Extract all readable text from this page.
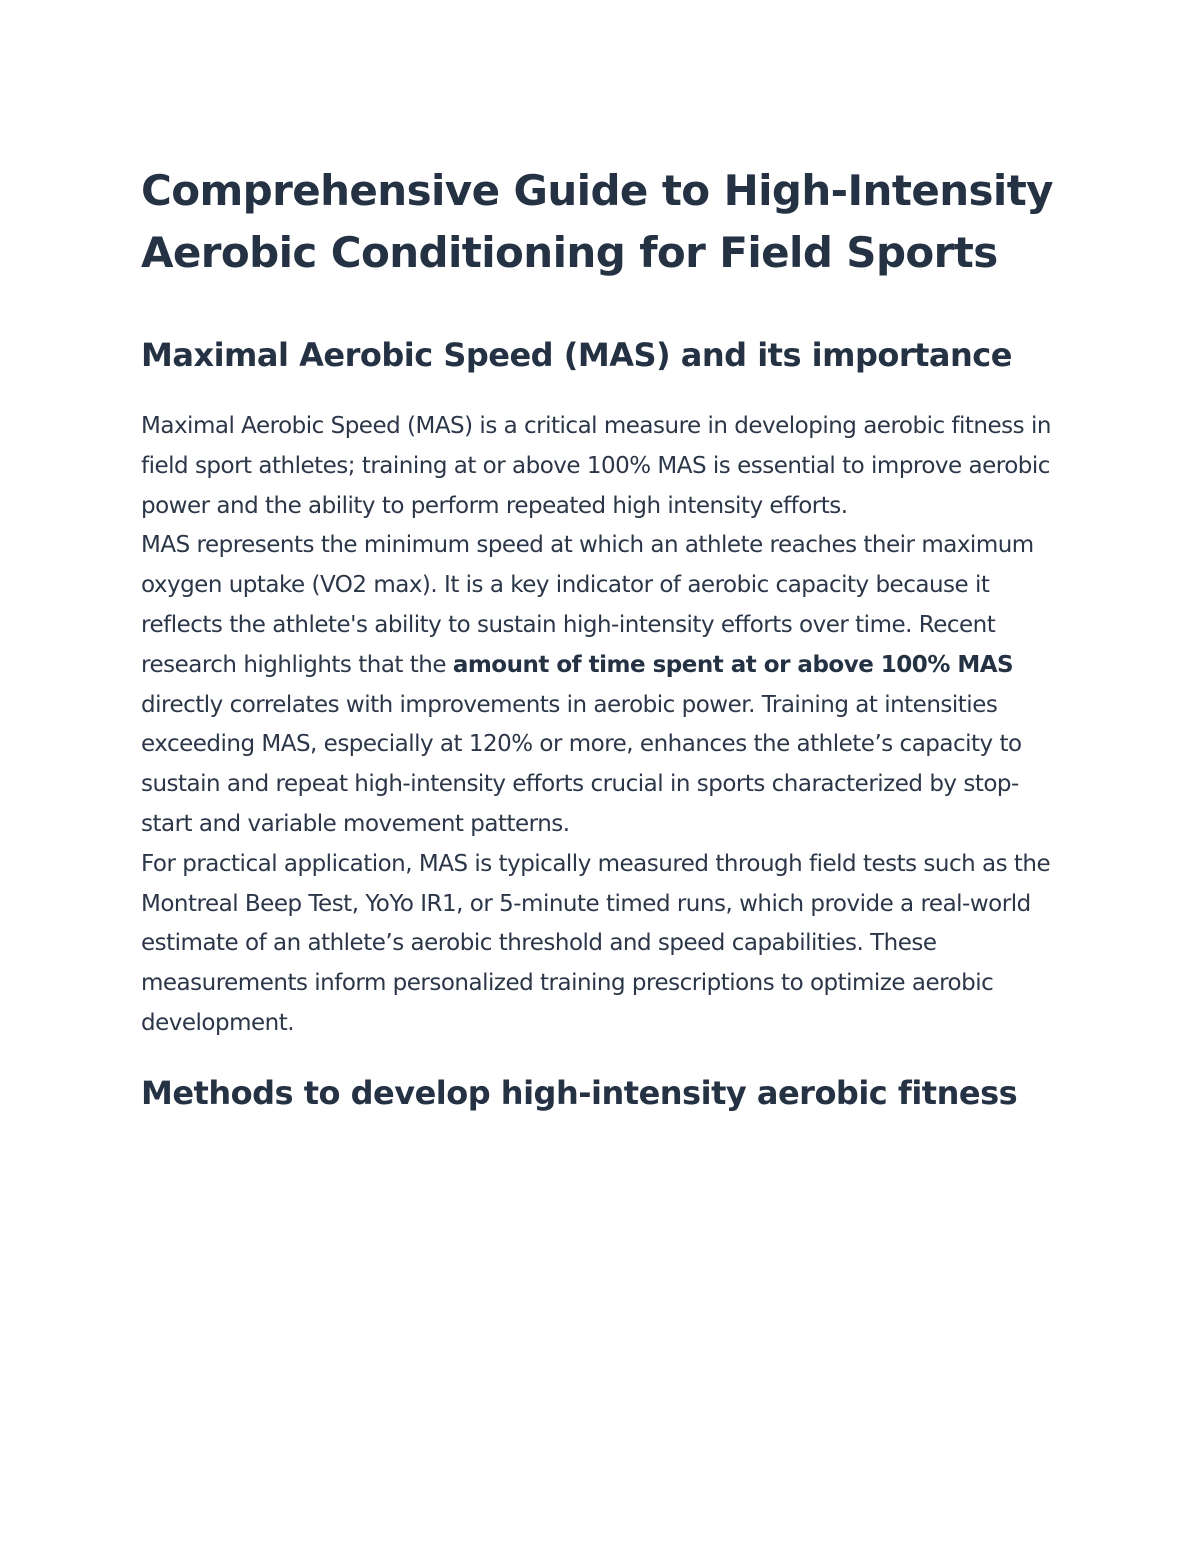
Comprehensive Guide to High-Intensity Aerobic Conditioning for Field Sports
Maximal Aerobic Speed (MAS) and its importance

Maximal Aerobic Speed (MAS) is a critical measure in developing aerobic fitness in field sport athletes; training at or above 100% MAS is essential to improve aerobic power and the ability to perform repeated high intensity efforts.

MAS represents the minimum speed at which an athlete reaches their maximum oxygen uptake (VO2 max). It is a key indicator of aerobic capacity because it reflects the athlete's ability to sustain high-intensity efforts over time. Recent research highlights that the amount of time spent at or above 100% MAS directly correlates with improvements in aerobic power. Training at intensities exceeding MAS, especially at 120% or more, enhances the athlete’s capacity to sustain and repeat high-intensity efforts crucial in sports characterized by stop-start and variable movement patterns.

For practical application, MAS is typically measured through field tests such as the Montreal Beep Test, YoYo IR1, or 5-minute timed runs, which provide a real-world estimate of an athlete’s aerobic threshold and speed capabilities. These measurements inform personalized training prescriptions to optimize aerobic development.

Methods to develop high-intensity aerobic fitness
